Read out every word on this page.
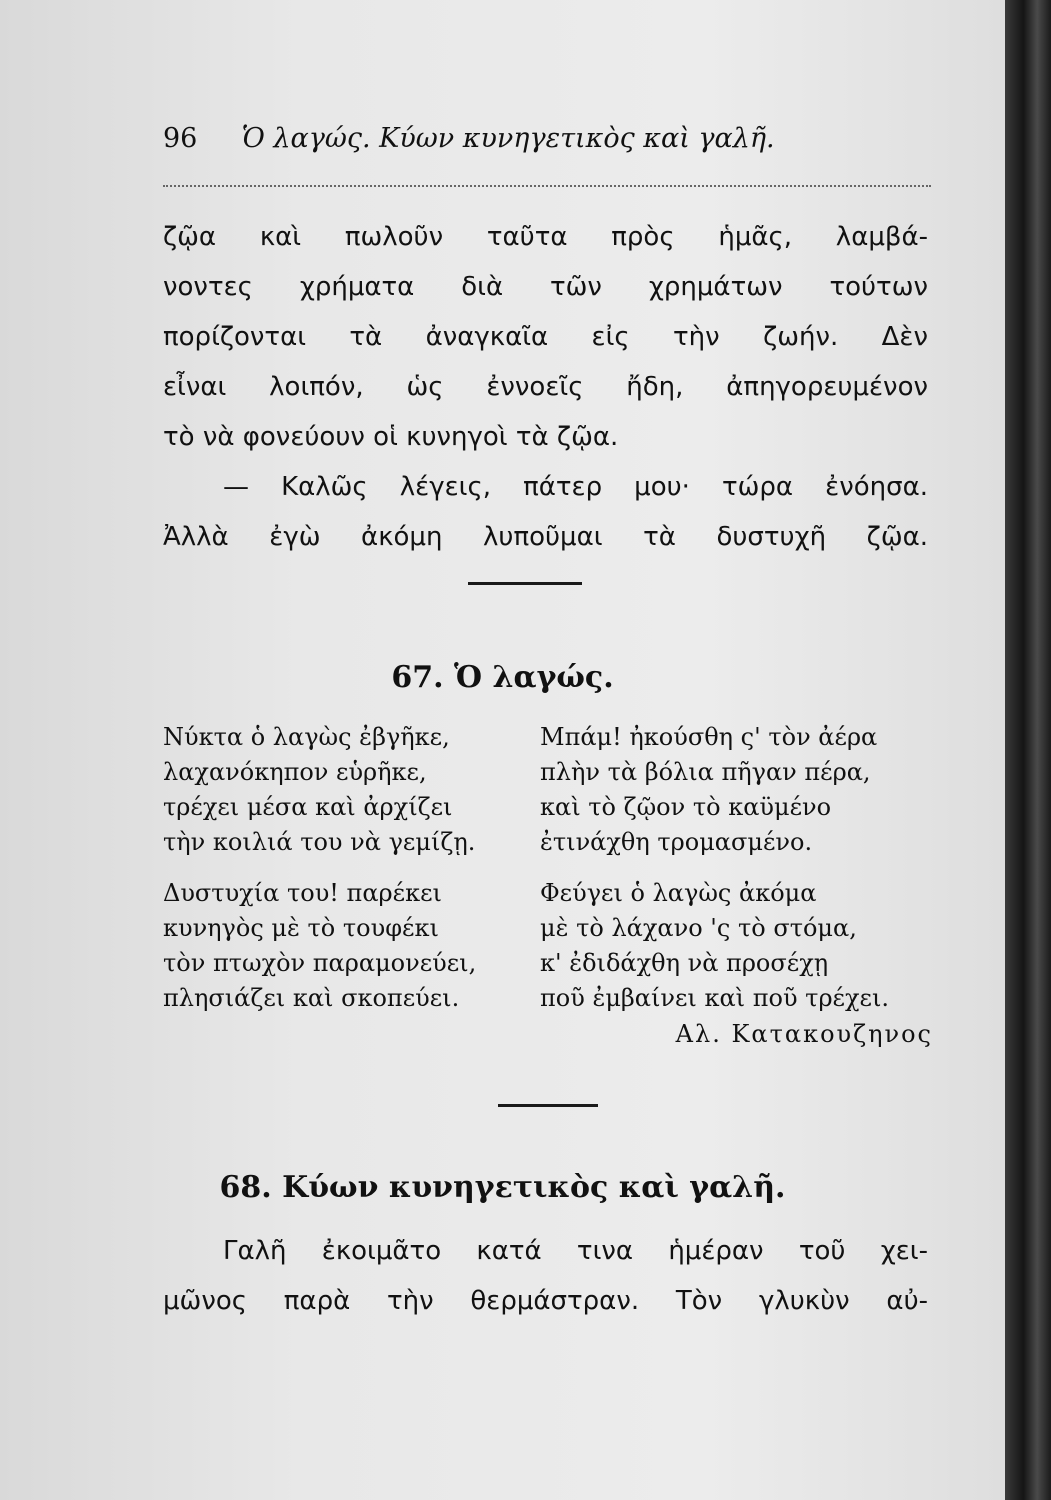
96 Ὁ λαγώς. Κύων κυνηγετικὸς καὶ γαλῆ.
ζῷα καὶ πωλοῦν ταῦτα πρὸς ἡμᾶς, λαμβά-
νοντες χρήματα διὰ τῶν χρημάτων τούτων
πορίζονται τὰ ἀναγκαῖα εἰς τὴν ζωήν. Δὲν
εἶναι λοιπόν, ὡς ἐννοεῖς ἤδη, ἀπηγορευμένον
τὸ νὰ φονεύουν οἱ κυνηγοὶ τὰ ζῷα.
— Καλῶς λέγεις, πάτερ μου· τώρα ἐνόησα.
Ἀλλὰ ἐγὼ ἀκόμη λυποῦμαι τὰ δυστυχῆ ζῷα.
67. Ὁ λαγώς.
Νύκτα ὁ λαγὼς ἐβγῆκε,
λαχανόκηπον εὑρῆκε,
τρέχει μέσα καὶ ἀρχίζει
τὴν κοιλιά του νὰ γεμίζῃ.
Μπάμ! ἠκούσθη ς' τὸν ἀέρα
πλὴν τὰ βόλια πῆγαν πέρα,
καὶ τὸ ζῷον τὸ καϋμένο
ἐτινάχθη τρομασμένο.
Δυστυχία του! παρέκει
κυνηγὸς μὲ τὸ τουφέκι
τὸν πτωχὸν παραμονεύει,
πλησιάζει καὶ σκοπεύει.
Φεύγει ὁ λαγὼς ἀκόμα
μὲ τὸ λάχανο 'ς τὸ στόμα,
κ' ἐδιδάχθη νὰ προσέχῃ
ποῦ ἐμβαίνει καὶ ποῦ τρέχει.
Αλ. Κατακουζηνος
68. Κύων κυνηγετικὸς καὶ γαλῆ.
Γαλῆ ἐκοιμᾶτο κατά τινα ἡμέραν τοῦ χει-
μῶνος παρὰ τὴν θερμάστραν. Τὸν γλυκὺν αὐ-
